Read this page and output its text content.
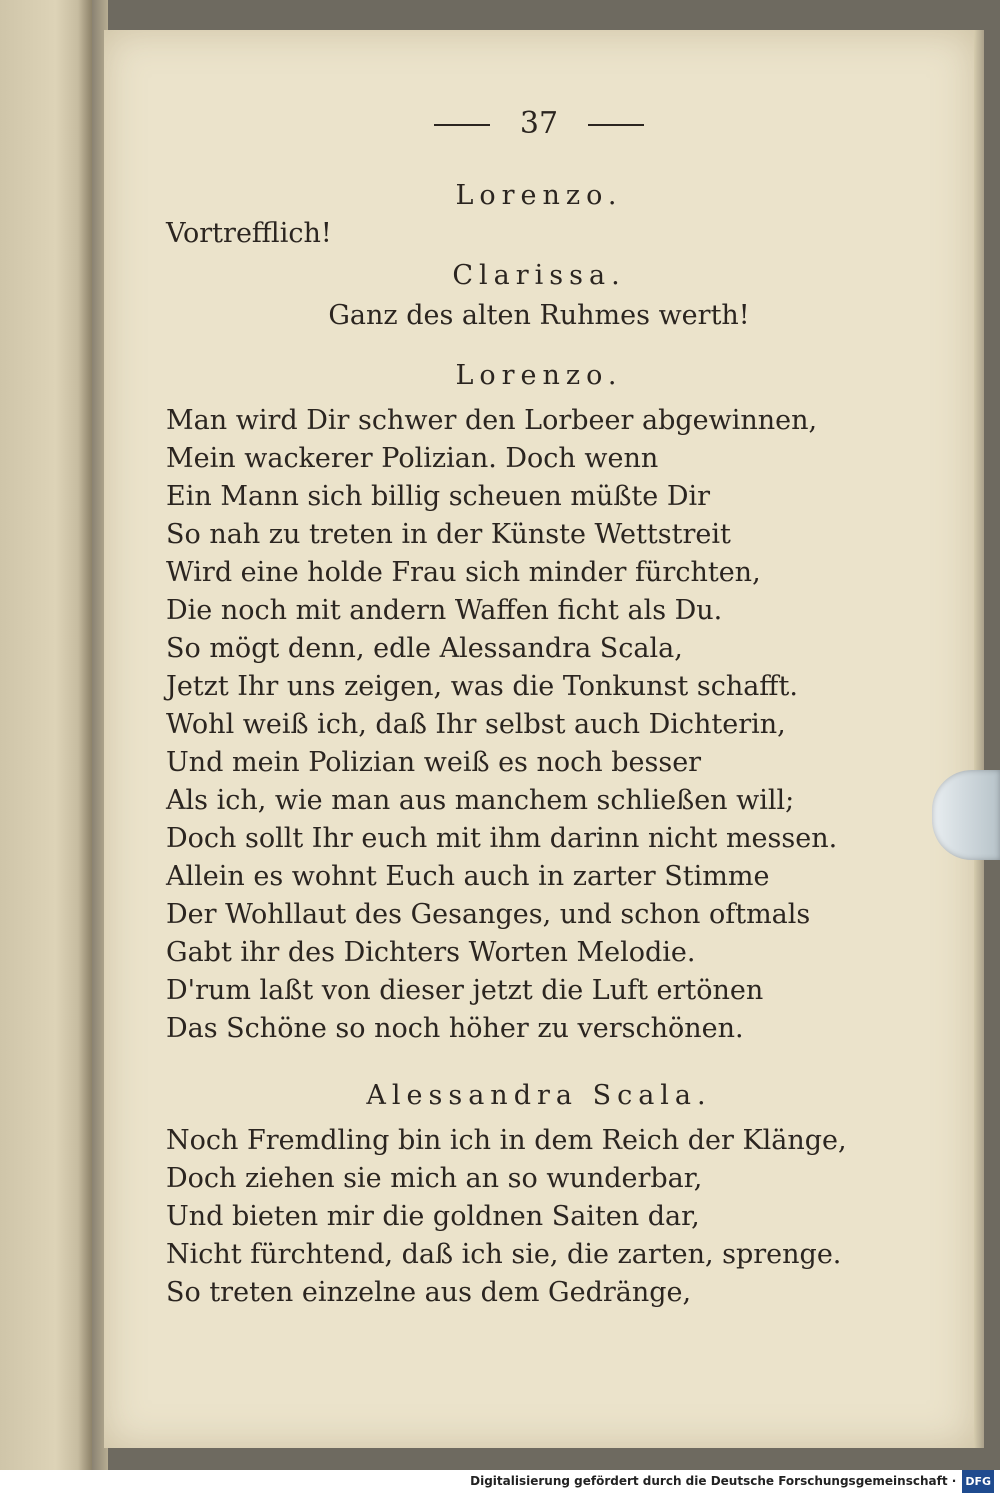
37
Lorenzo.
Vortrefflich!
Clarissa.
Ganz des alten Ruhmes werth!
Lorenzo.
Man wird Dir schwer den Lorbeer abgewinnen,
Mein wackerer Polizian. Doch wenn
Ein Mann sich billig scheuen müßte Dir
So nah zu treten in der Künste Wettstreit
Wird eine holde Frau sich minder fürchten,
Die noch mit andern Waffen ficht als Du.
So mögt denn, edle Alessandra Scala,
Jetzt Ihr uns zeigen, was die Tonkunst schafft.
Wohl weiß ich, daß Ihr selbst auch Dichterin,
Und mein Polizian weiß es noch besser
Als ich, wie man aus manchem schließen will;
Doch sollt Ihr euch mit ihm darinn nicht messen.
Allein es wohnt Euch auch in zarter Stimme
Der Wohllaut des Gesanges, und schon oftmals
Gabt ihr des Dichters Worten Melodie.
D'rum laßt von dieser jetzt die Luft ertönen
Das Schöne so noch höher zu verschönen.
Alessandra Scala.
Noch Fremdling bin ich in dem Reich der Klänge,
Doch ziehen sie mich an so wunderbar,
Und bieten mir die goldnen Saiten dar,
Nicht fürchtend, daß ich sie, die zarten, sprenge.
So treten einzelne aus dem Gedränge,
Digitalisierung gefördert durch die Deutsche Forschungsgemeinschaft · DFG
